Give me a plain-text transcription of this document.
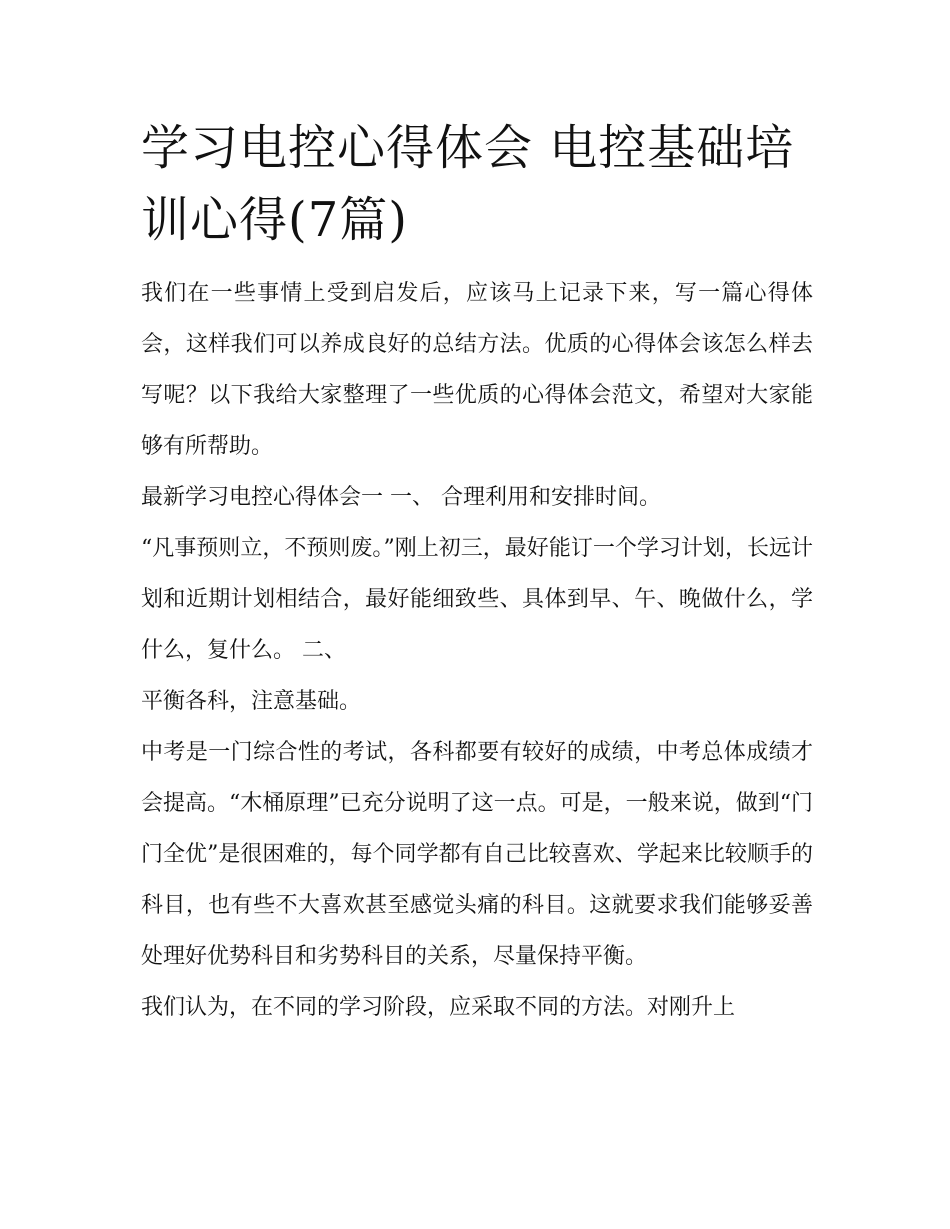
学习电控心得体会 电控基础培训心得(7篇)

我们在一些事情上受到启发后，应该马上记录下来，写一篇心得体会，这样我们可以养成良好的总结方法。优质的心得体会该怎么样去写呢？以下我给大家整理了一些优质的心得体会范文，希望对大家能够有所帮助。

最新学习电控心得体会一 一、 合理利用和安排时间。

“凡事预则立，不预则废。”刚上初三，最好能订一个学习计划，长远计划和近期计划相结合，最好能细致些、具体到早、午、晚做什么，学什么，复什么。 二、

平衡各科，注意基础。

中考是一门综合性的考试，各科都要有较好的成绩，中考总体成绩才会提高。“木桶原理”已充分说明了这一点。可是，一般来说，做到“门门全优”是很困难的，每个同学都有自己比较喜欢、学起来比较顺手的科目，也有些不大喜欢甚至感觉头痛的科目。这就要求我们能够妥善处理好优势科目和劣势科目的关系，尽量保持平衡。

我们认为，在不同的学习阶段，应采取不同的方法。对刚升上
